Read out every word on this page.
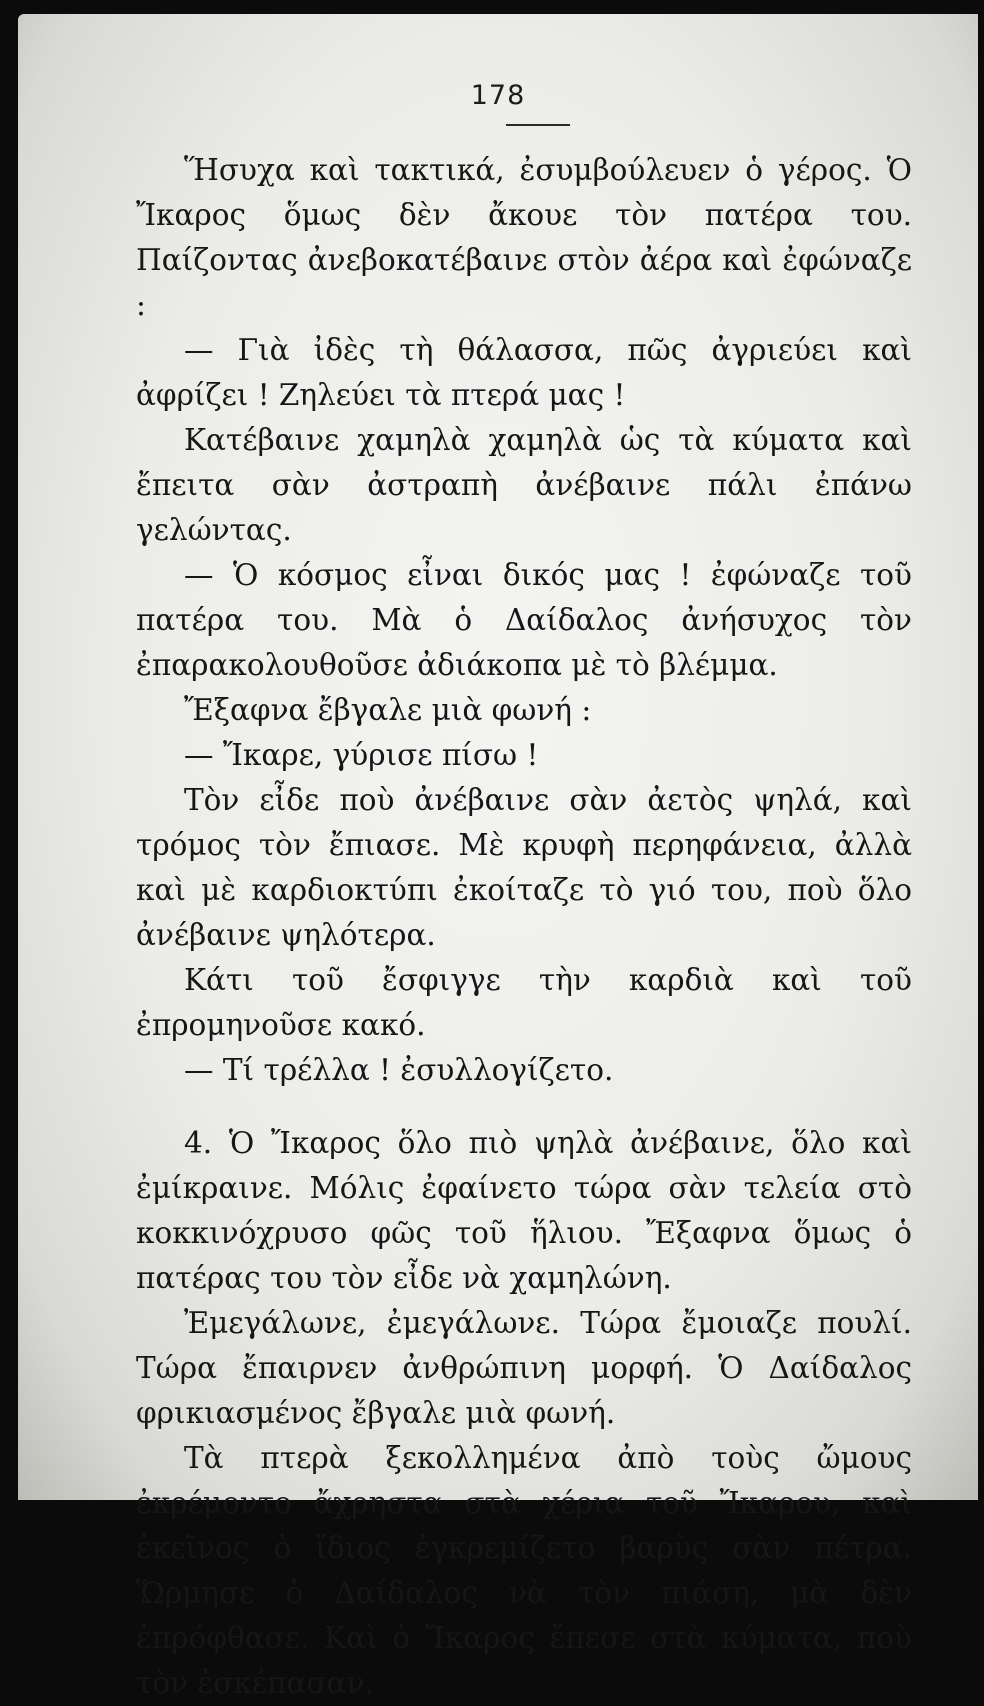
178

Ἥσυχα καὶ τακτικά, ἐσυμβούλευεν ὁ γέρος. Ὁ Ἴκαρος ὅμως δὲν ἄκουε τὸν πατέρα του. Παίζοντας ἀνεβοκατέβαινε στὸν ἀέρα καὶ ἐφώναζε :

— Γιὰ ἰδὲς τὴ θάλασσα, πῶς ἀγριεύει καὶ ἀφρίζει ! Ζηλεύει τὰ πτερά μας !

Κατέβαινε χαμηλὰ χαμηλὰ ὡς τὰ κύματα καὶ ἔπειτα σὰν ἀστραπὴ ἀνέβαινε πάλι ἐπάνω γελώντας.

— Ὁ κόσμος εἶναι δικός μας ! ἐφώναζε τοῦ πατέρα του. Μὰ ὁ Δαίδαλος ἀνήσυχος τὸν ἐπαρακολουθοῦσε ἀδιάκοπα μὲ τὸ βλέμμα.

Ἔξαφνα ἔβγαλε μιὰ φωνή :

— Ἴκαρε, γύρισε πίσω !

Τὸν εἶδε ποὺ ἀνέβαινε σὰν ἀετὸς ψηλά, καὶ τρόμος τὸν ἔπιασε. Μὲ κρυφὴ περηφάνεια, ἀλλὰ καὶ μὲ καρδιοκτύπι ἐκοίταζε τὸ γιό του, ποὺ ὅλο ἀνέβαινε ψηλότερα.

Κάτι τοῦ ἔσφιγγε τὴν καρδιὰ καὶ τοῦ ἐπρομηνοῦσε κακό.

— Τί τρέλλα ! ἐσυλλογίζετο.

4. Ὁ Ἴκαρος ὅλο πιὸ ψηλὰ ἀνέβαινε, ὅλο καὶ ἐμίκραινε. Μόλις ἐφαίνετο τώρα σὰν τελεία στὸ κοκκινόχρυσο φῶς τοῦ ἥλιου. Ἔξαφνα ὅμως ὁ πατέρας του τὸν εἶδε νὰ χαμηλώνη.

Ἐμεγάλωνε, ἐμεγάλωνε. Τώρα ἔμοιαζε πουλί. Τώρα ἔπαιρνεν ἀνθρώπινη μορφή. Ὁ Δαίδαλος φρικιασμένος ἔβγαλε μιὰ φωνή.

Τὰ πτερὰ ξεκολλημένα ἀπὸ τοὺς ὤμους ἐκρέμοντο ἄχρηστα στὰ χέρια τοῦ Ἴκαρου, καὶ ἐκεῖνος ὁ ἴδιος ἐγκρεμίζετο βαρὺς σὰν πέτρα. Ὥρμησε ὁ Δαίδαλος νὰ τὸν πιάση, μὰ δὲν ἐπρόφθασε. Καὶ ὁ Ἴκαρος ἔπεσε στὰ κύματα, ποὺ τὸν ἐσκέπασαν.
